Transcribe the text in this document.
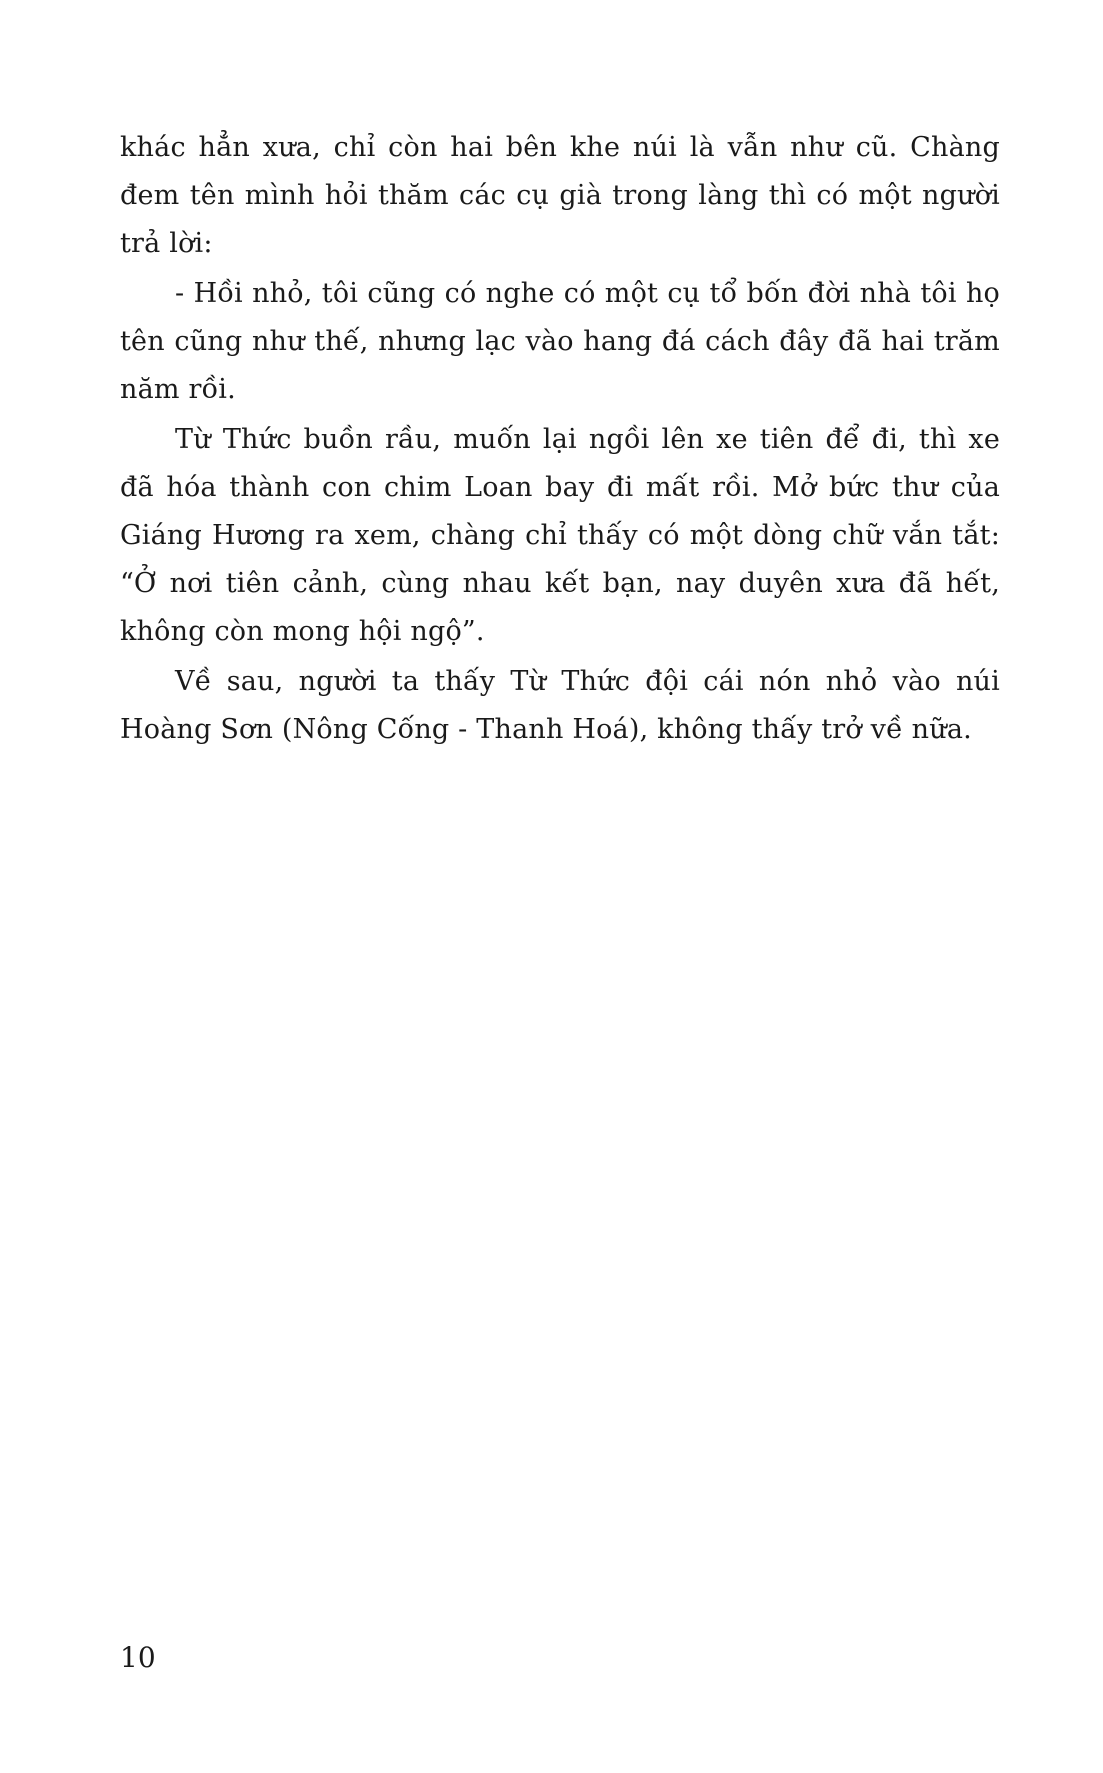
khác hẳn xưa, chỉ còn hai bên khe núi là vẫn như cũ. Chàng đem tên mình hỏi thăm các cụ già trong làng thì có một người trả lời:

- Hồi nhỏ, tôi cũng có nghe có một cụ tổ bốn đời nhà tôi họ tên cũng như thế, nhưng lạc vào hang đá cách đây đã hai trăm năm rồi.

Từ Thức buồn rầu, muốn lại ngồi lên xe tiên để đi, thì xe đã hóa thành con chim Loan bay đi mất rồi. Mở bức thư của Giáng Hương ra xem, chàng chỉ thấy có một dòng chữ vắn tắt: “Ở nơi tiên cảnh, cùng nhau kết bạn, nay duyên xưa đã hết, không còn mong hội ngộ”.

Về sau, người ta thấy Từ Thức đội cái nón nhỏ vào núi Hoàng Sơn (Nông Cống - Thanh Hoá), không thấy trở về nữa.

10
